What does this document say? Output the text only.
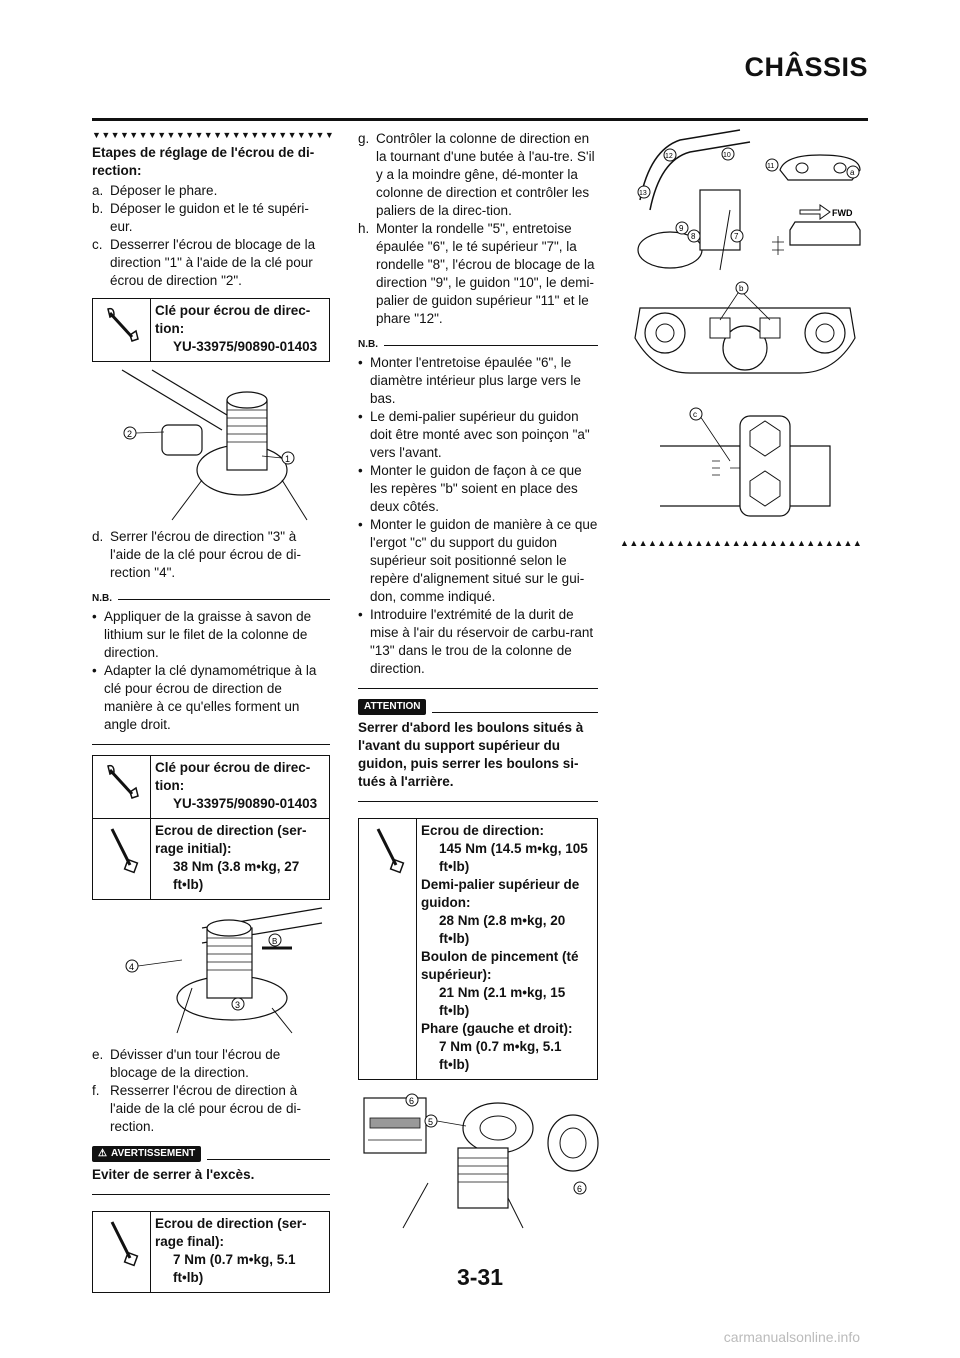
CHÂSSIS
▼▼▼▼▼▼▼▼▼▼▼▼▼▼▼▼▼▼▼▼▼▼▼▼▼▼
Etapes de réglage de l'écrou de di-rection:
a. Déposer le phare.
b. Déposer le guidon et le té supéri-eur.
c. Desserrer l'écrou de blocage de la direction "1" à l'aide de la clé pour écrou de direction "2".
Clé pour écrou de direc-tion:
YU-33975/90890-01403
2
1
d. Serrer l'écrou de direction "3" à l'aide de la clé pour écrou de di-rection "4".
N.B.
• Appliquer de la graisse à savon de lithium sur le filet de la colonne de direction.
• Adapter la clé dynamométrique à la clé pour écrou de direction de manière à ce qu'elles forment un angle droit.
Clé pour écrou de direc-tion:
YU-33975/90890-01403
Ecrou de direction (ser-rage initial):
38 Nm (3.8 m•kg, 27 ft•lb)
B
4
3
e. Dévisser d'un tour l'écrou de blocage de la direction.
f. Resserrer l'écrou de direction à l'aide de la clé pour écrou de di-rection.
⚠ AVERTISSEMENT
Eviter de serrer à l'excès.
Ecrou de direction (ser-rage final):
7 Nm (0.7 m•kg, 5.1 ft•lb)
g. Contrôler la colonne de direction en la tournant d'une butée à l'au-tre. S'il y a la moindre gêne, dé-monter la colonne de direction et contrôler les paliers de la direc-tion.
h. Monter la rondelle "5", entretoise épaulée "6", le té supérieur "7", la rondelle "8", l'écrou de blocage de la direction "9", le guidon "10", le demi-palier de guidon supérieur "11" et le phare "12".
N.B.
• Monter l'entretoise épaulée "6", le diamètre intérieur plus large vers le bas.
• Le demi-palier supérieur du guidon doit être monté avec son poinçon "a" vers l'avant.
• Monter le guidon de façon à ce que les repères "b" soient en place des deux côtés.
• Monter le guidon de manière à ce que l'ergot "c" du support du guidon supérieur soit positionné selon le repère d'alignement situé sur le gui-don, comme indiqué.
• Introduire l'extrémité de la durit de mise à l'air du réservoir de carbu-rant "13" dans le trou de la colonne de direction.
ATTENTION
Serrer d'abord les boulons situés à l'avant du support supérieur du guidon, puis serrer les boulons si-tués à l'arrière.
Ecrou de direction:
145 Nm (14.5 m•kg, 105 ft•lb)
Demi-palier supérieur de guidon:
28 Nm (2.8 m•kg, 20 ft•lb)
Boulon de pincement (té supérieur):
21 Nm (2.1 m•kg, 15 ft•lb)
Phare (gauche et droit):
7 Nm (0.7 m•kg, 5.1 ft•lb)
6
5
6
FWD
12	10
11
13
9
8	7
a
b
c
▲▲▲▲▲▲▲▲▲▲▲▲▲▲▲▲▲▲▲▲▲▲▲▲▲▲
3-31
carmanualsonline.info
